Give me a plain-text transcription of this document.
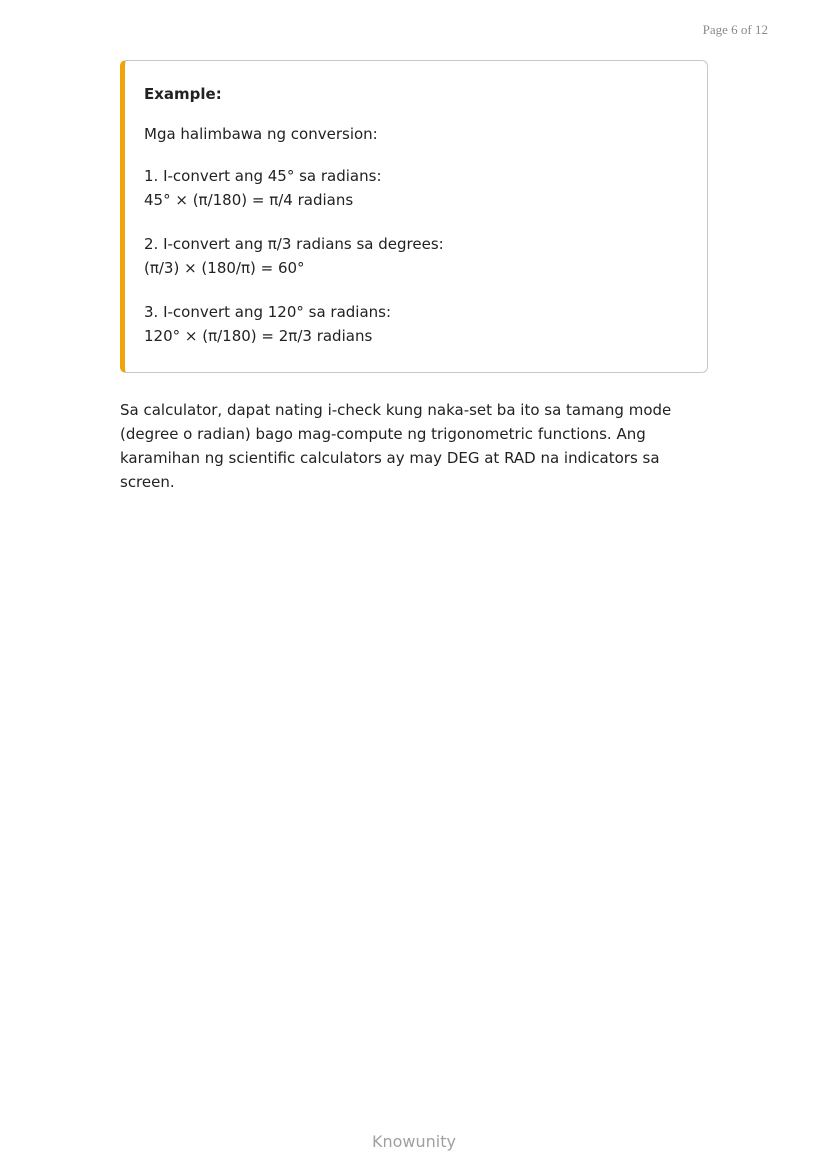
Page 6 of 12
Example:
Mga halimbawa ng conversion:
1. I-convert ang 45° sa radians:
45° × (π/180) = π/4 radians
2. I-convert ang π/3 radians sa degrees:
(π/3) × (180/π) = 60°
3. I-convert ang 120° sa radians:
120° × (π/180) = 2π/3 radians

Sa calculator, dapat nating i-check kung naka-set ba ito sa tamang mode (degree o radian) bago mag-compute ng trigonometric functions. Ang karamihan ng scientific calculators ay may DEG at RAD na indicators sa screen.

Knowunity
